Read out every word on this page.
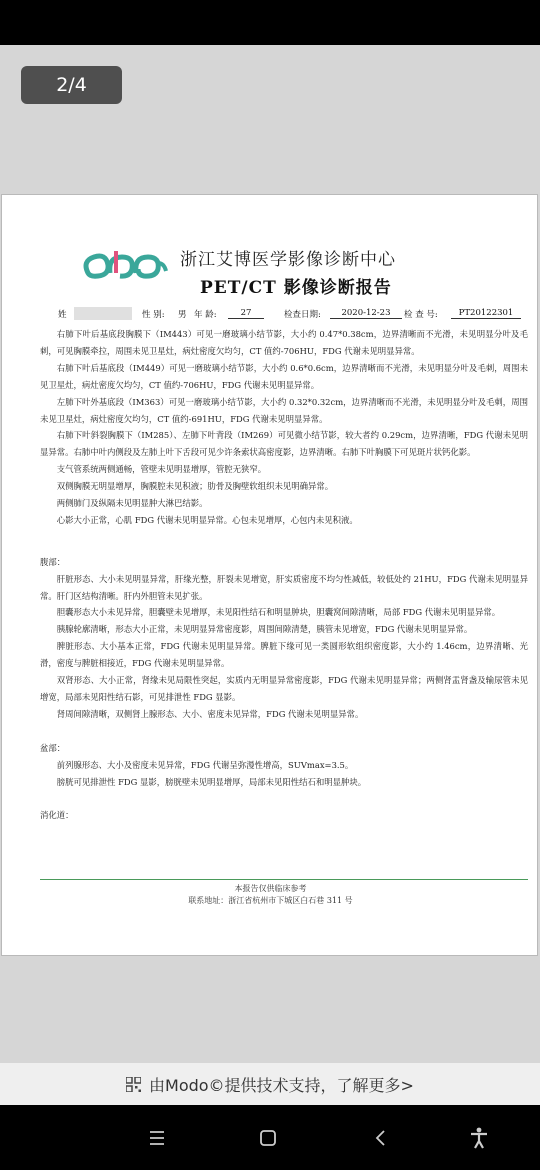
2/4
浙江艾博医学影像诊断中心
PET/CT 影像诊断报告
姓	性 别: 男 年 龄:	27	检查日期:	2020-12-23	检 查 号:	PT20122301

右肺下叶后基底段胸膜下（IM443）可见一磨玻璃小结节影，大小约 0.47*0.38cm，边界清晰而不光滑，未见明显分叶及毛刺，可见胸膜牵拉，周围未见卫星灶，病灶密度欠均匀，CT 值约-706HU，FDG 代谢未见明显异常。

右肺下叶后基底段（IM449）可见一磨玻璃小结节影，大小约 0.6*0.6cm，边界清晰而不光滑，未见明显分叶及毛刺，周围未见卫星灶，病灶密度欠均匀，CT 值约-706HU，FDG 代谢未见明显异常。

左肺下叶外基底段（IM363）可见一磨玻璃小结节影，大小约 0.32*0.32cm，边界清晰而不光滑，未见明显分叶及毛刺，周围未见卫星灶，病灶密度欠均匀，CT 值约-691HU，FDG 代谢未见明显异常。

右肺下叶斜裂胸膜下（IM285）、左肺下叶背段（IM269）可见微小结节影，较大者约 0.29cm，边界清晰，FDG 代谢未见明显异常。右肺中叶内侧段及左肺上叶下舌段可见少许条索状高密度影，边界清晰。右肺下叶胸膜下可见斑片状钙化影。

支气管系统两侧通畅，管壁未见明显增厚，管腔无狭窄。

双侧胸膜无明显增厚，胸膜腔未见积液；肋骨及胸壁软组织未见明确异常。

两侧肺门及纵隔未见明显肿大淋巴结影。

心影大小正常，心肌 FDG 代谢未见明显异常。心包未见增厚，心包内未见积液。

腹部：

肝脏形态、大小未见明显异常，肝缘光整，肝裂未见增宽，肝实质密度不均匀性减低，较低处约 21HU，FDG 代谢未见明显异常。肝门区结构清晰。肝内外胆管未见扩张。

胆囊形态大小未见异常，胆囊壁未见增厚，未见阳性结石和明显肿块，胆囊窝间隙清晰，局部 FDG 代谢未见明显异常。

胰腺轮廓清晰，形态大小正常，未见明显异常密度影，周围间隙清楚，胰管未见增宽，FDG 代谢未见明显异常。

脾脏形态、大小基本正常，FDG 代谢未见明显异常。脾脏下缘可见一类圆形软组织密度影，大小约 1.46cm，边界清晰、光滑，密度与脾脏相接近，FDG 代谢未见明显异常。

双肾形态、大小正常，肾缘未见局限性突起，实质内无明显异常密度影，FDG 代谢未见明显异常；两侧肾盂肾盏及输尿管未见增宽，局部未见阳性结石影，可见排泄性 FDG 显影。

肾周间隙清晰，双侧肾上腺形态、大小、密度未见异常，FDG 代谢未见明显异常。

盆部：

前列腺形态、大小及密度未见异常，FDG 代谢呈弥漫性增高，SUVmax=3.5。

膀胱可见排泄性 FDG 显影，膀胱壁未见明显增厚，局部未见阳性结石和明显肿块。

消化道：

本报告仅供临床参考
联系地址：浙江省杭州市下城区白石巷 311 号
由Modo©提供技术支持，了解更多>
